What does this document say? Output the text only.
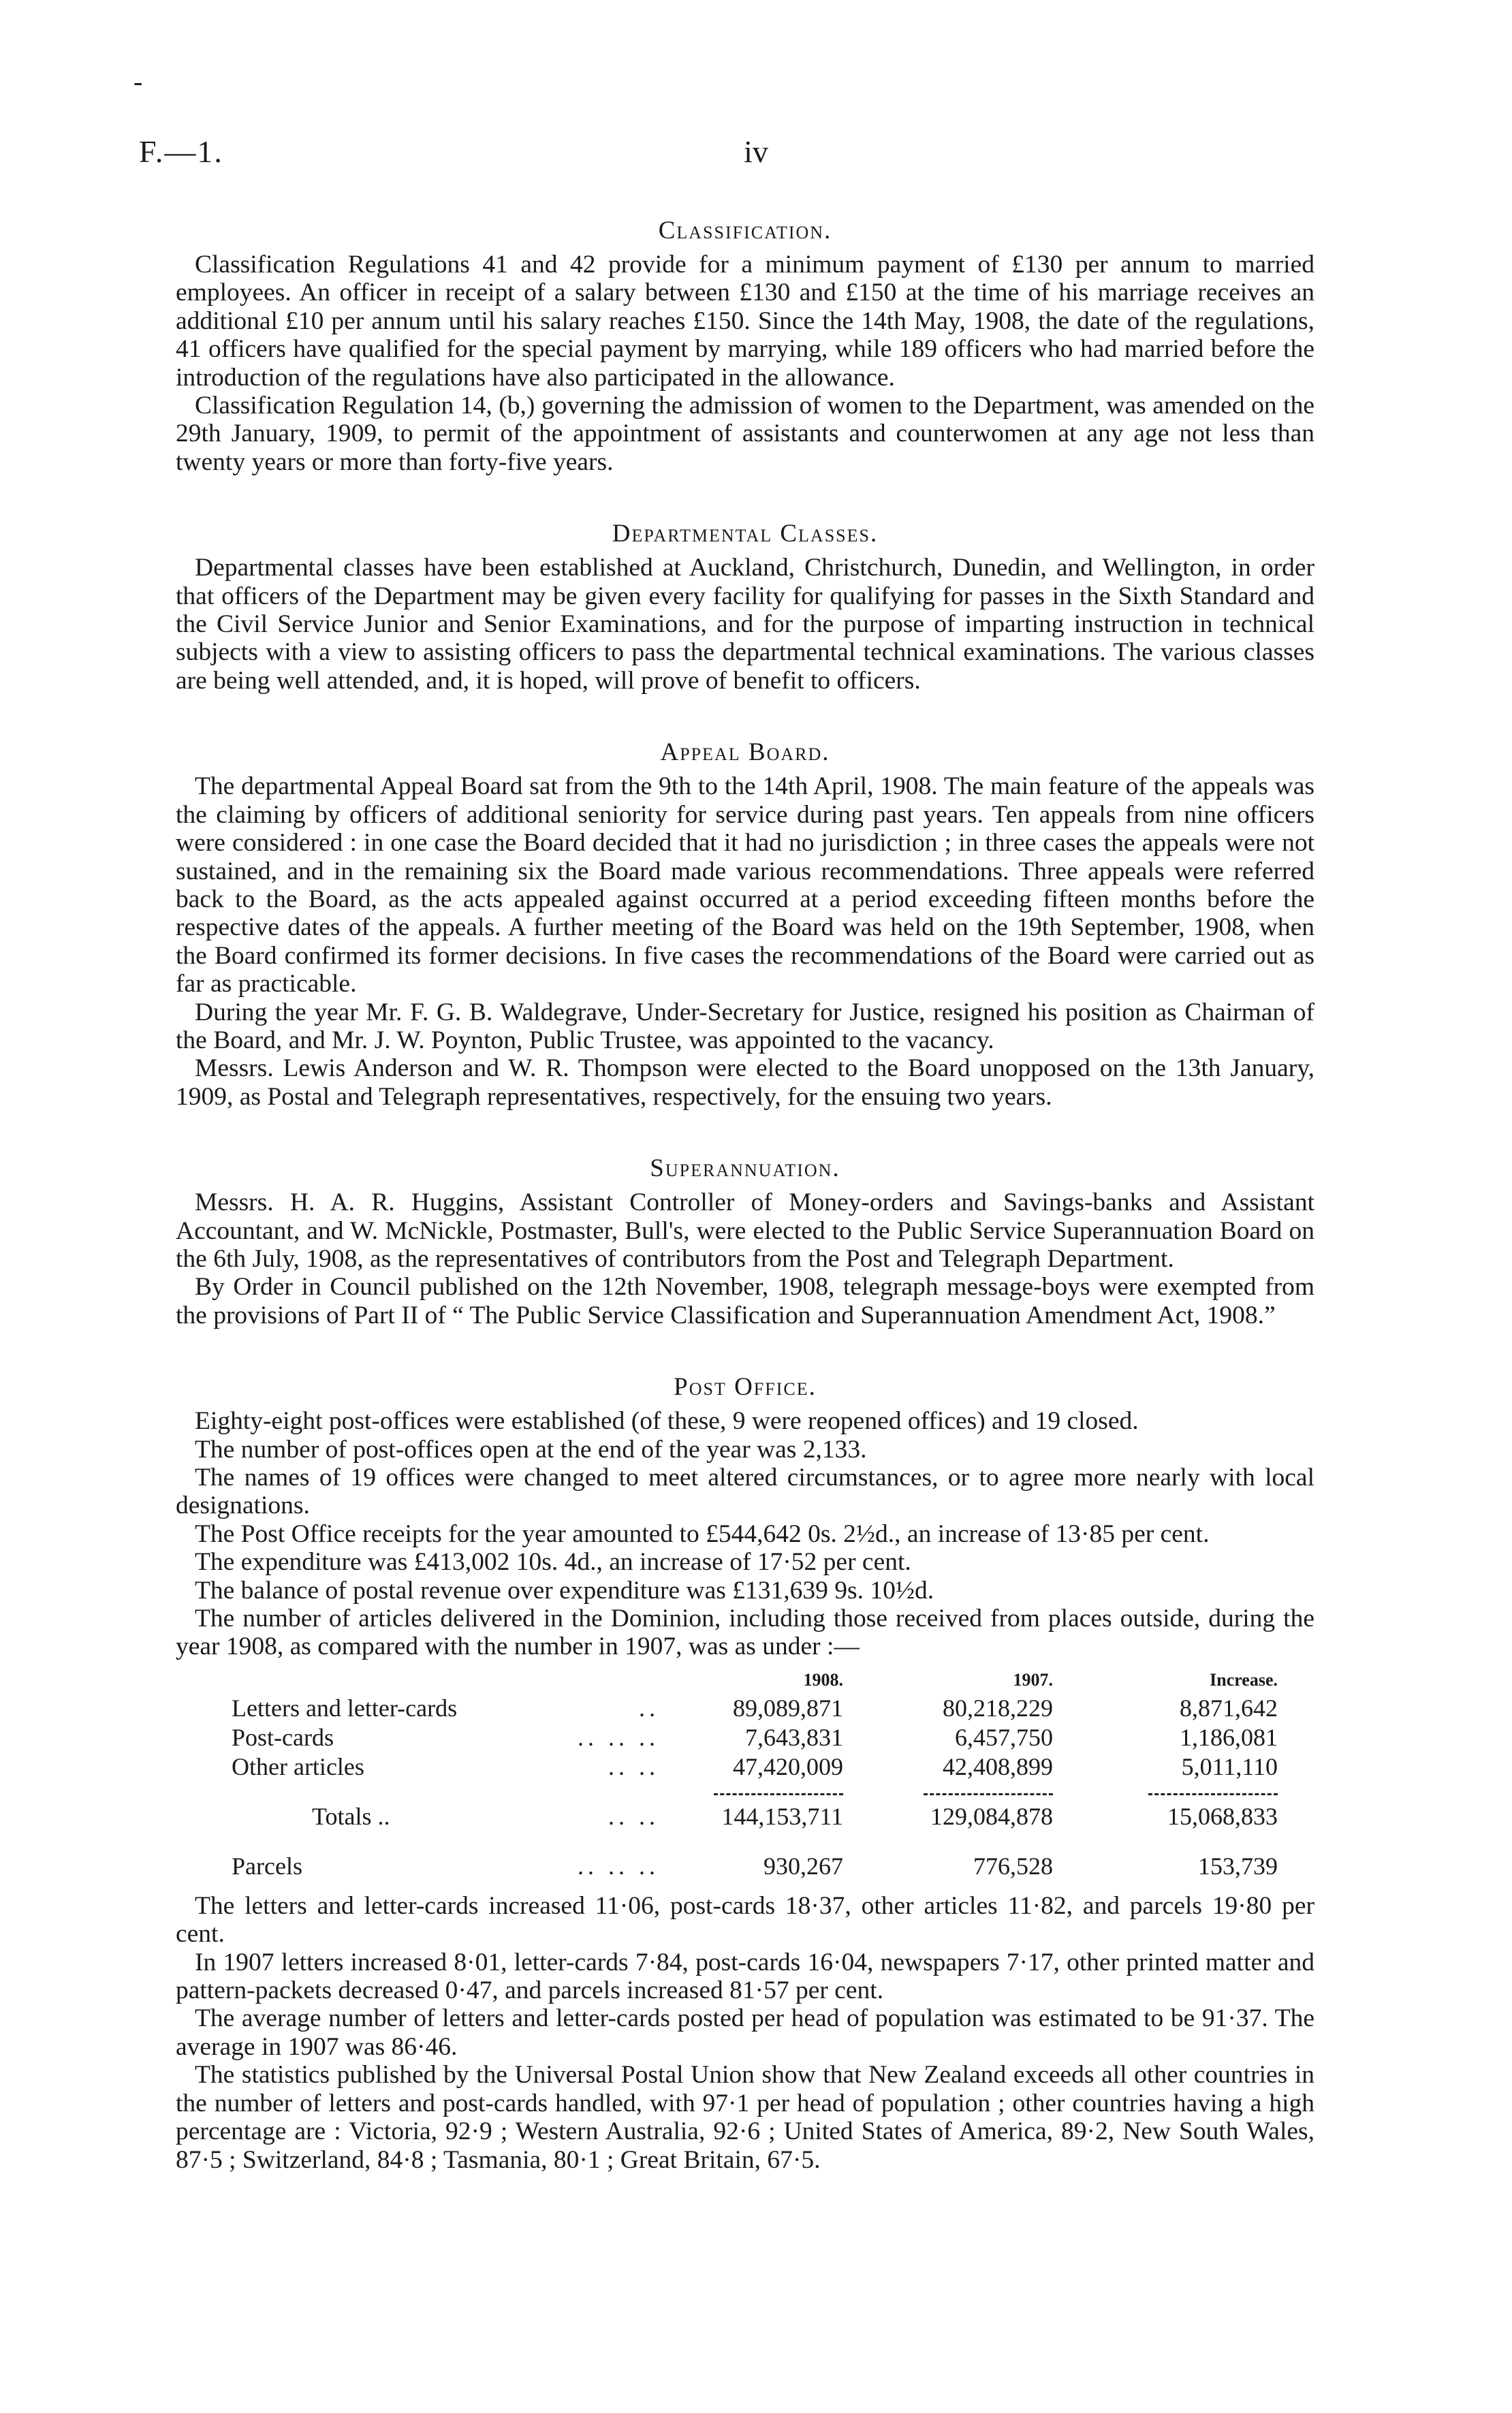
-
F.—1.	iv
Classification.

Classification Regulations 41 and 42 provide for a minimum payment of £130 per annum to married employees. An officer in receipt of a salary between £130 and £150 at the time of his marriage receives an additional £10 per annum until his salary reaches £150. Since the 14th May, 1908, the date of the regulations, 41 officers have qualified for the special payment by marrying, while 189 officers who had married before the introduction of the regulations have also participated in the allowance.

Classification Regulation 14, (b,) governing the admission of women to the Department, was amended on the 29th January, 1909, to permit of the appointment of assistants and counterwomen at any age not less than twenty years or more than forty-five years.

Departmental Classes.

Departmental classes have been established at Auckland, Christchurch, Dunedin, and Wellington, in order that officers of the Department may be given every facility for qualifying for passes in the Sixth Standard and the Civil Service Junior and Senior Examinations, and for the purpose of imparting instruction in technical subjects with a view to assisting officers to pass the departmental technical examinations. The various classes are being well attended, and, it is hoped, will prove of benefit to officers.

Appeal Board.

The departmental Appeal Board sat from the 9th to the 14th April, 1908. The main feature of the appeals was the claiming by officers of additional seniority for service during past years. Ten appeals from nine officers were considered : in one case the Board decided that it had no jurisdiction ; in three cases the appeals were not sustained, and in the remaining six the Board made various recommendations. Three appeals were referred back to the Board, as the acts appealed against occurred at a period exceeding fifteen months before the respective dates of the appeals. A further meeting of the Board was held on the 19th September, 1908, when the Board confirmed its former decisions. In five cases the recommendations of the Board were carried out as far as practicable.

During the year Mr. F. G. B. Waldegrave, Under-Secretary for Justice, resigned his position as Chairman of the Board, and Mr. J. W. Poynton, Public Trustee, was appointed to the vacancy.

Messrs. Lewis Anderson and W. R. Thompson were elected to the Board unopposed on the 13th January, 1909, as Postal and Telegraph representatives, respectively, for the ensuing two years.

Superannuation.

Messrs. H. A. R. Huggins, Assistant Controller of Money-orders and Savings-banks and Assistant Accountant, and W. McNickle, Postmaster, Bull's, were elected to the Public Service Superannuation Board on the 6th July, 1908, as the representatives of contributors from the Post and Telegraph Department.

By Order in Council published on the 12th November, 1908, telegraph message-boys were exempted from the provisions of Part II of “ The Public Service Classification and Superannuation Amendment Act, 1908.”

Post Office.

Eighty-eight post-offices were established (of these, 9 were reopened offices) and 19 closed.

The number of post-offices open at the end of the year was 2,133.

The names of 19 offices were changed to meet altered circumstances, or to agree more nearly with local designations.

The Post Office receipts for the year amounted to £544,642 0s. 2½d., an increase of 13·85 per cent.

The expenditure was £413,002 10s. 4d., an increase of 17·52 per cent.

The balance of postal revenue over expenditure was £131,639 9s. 10½d.

The number of articles delivered in the Dominion, including those received from places outside, during the year 1908, as compared with the number in 1907, was as under :—

	1908.	1907.	Increase.
Letters and letter-cards ..	89,089,871	80,218,229	8,871,642
Post-cards .. .. ..	7,643,831	6,457,750	1,186,081
Other articles .. ..	47,420,009	42,408,899	5,011,110

Totals .. .. ..	144,153,711	129,084,878	15,068,833

Parcels .. .. ..	930,267	776,528	153,739

The letters and letter-cards increased 11·06, post-cards 18·37, other articles 11·82, and parcels 19·80 per cent.

In 1907 letters increased 8·01, letter-cards 7·84, post-cards 16·04, newspapers 7·17, other printed matter and pattern-packets decreased 0·47, and parcels increased 81·57 per cent.

The average number of letters and letter-cards posted per head of population was estimated to be 91·37. The average in 1907 was 86·46.

The statistics published by the Universal Postal Union show that New Zealand exceeds all other countries in the number of letters and post-cards handled, with 97·1 per head of population ; other countries having a high percentage are : Victoria, 92·9 ; Western Australia, 92·6 ; United States of America, 89·2, New South Wales, 87·5 ; Switzerland, 84·8 ; Tasmania, 80·1 ; Great Britain, 67·5.
